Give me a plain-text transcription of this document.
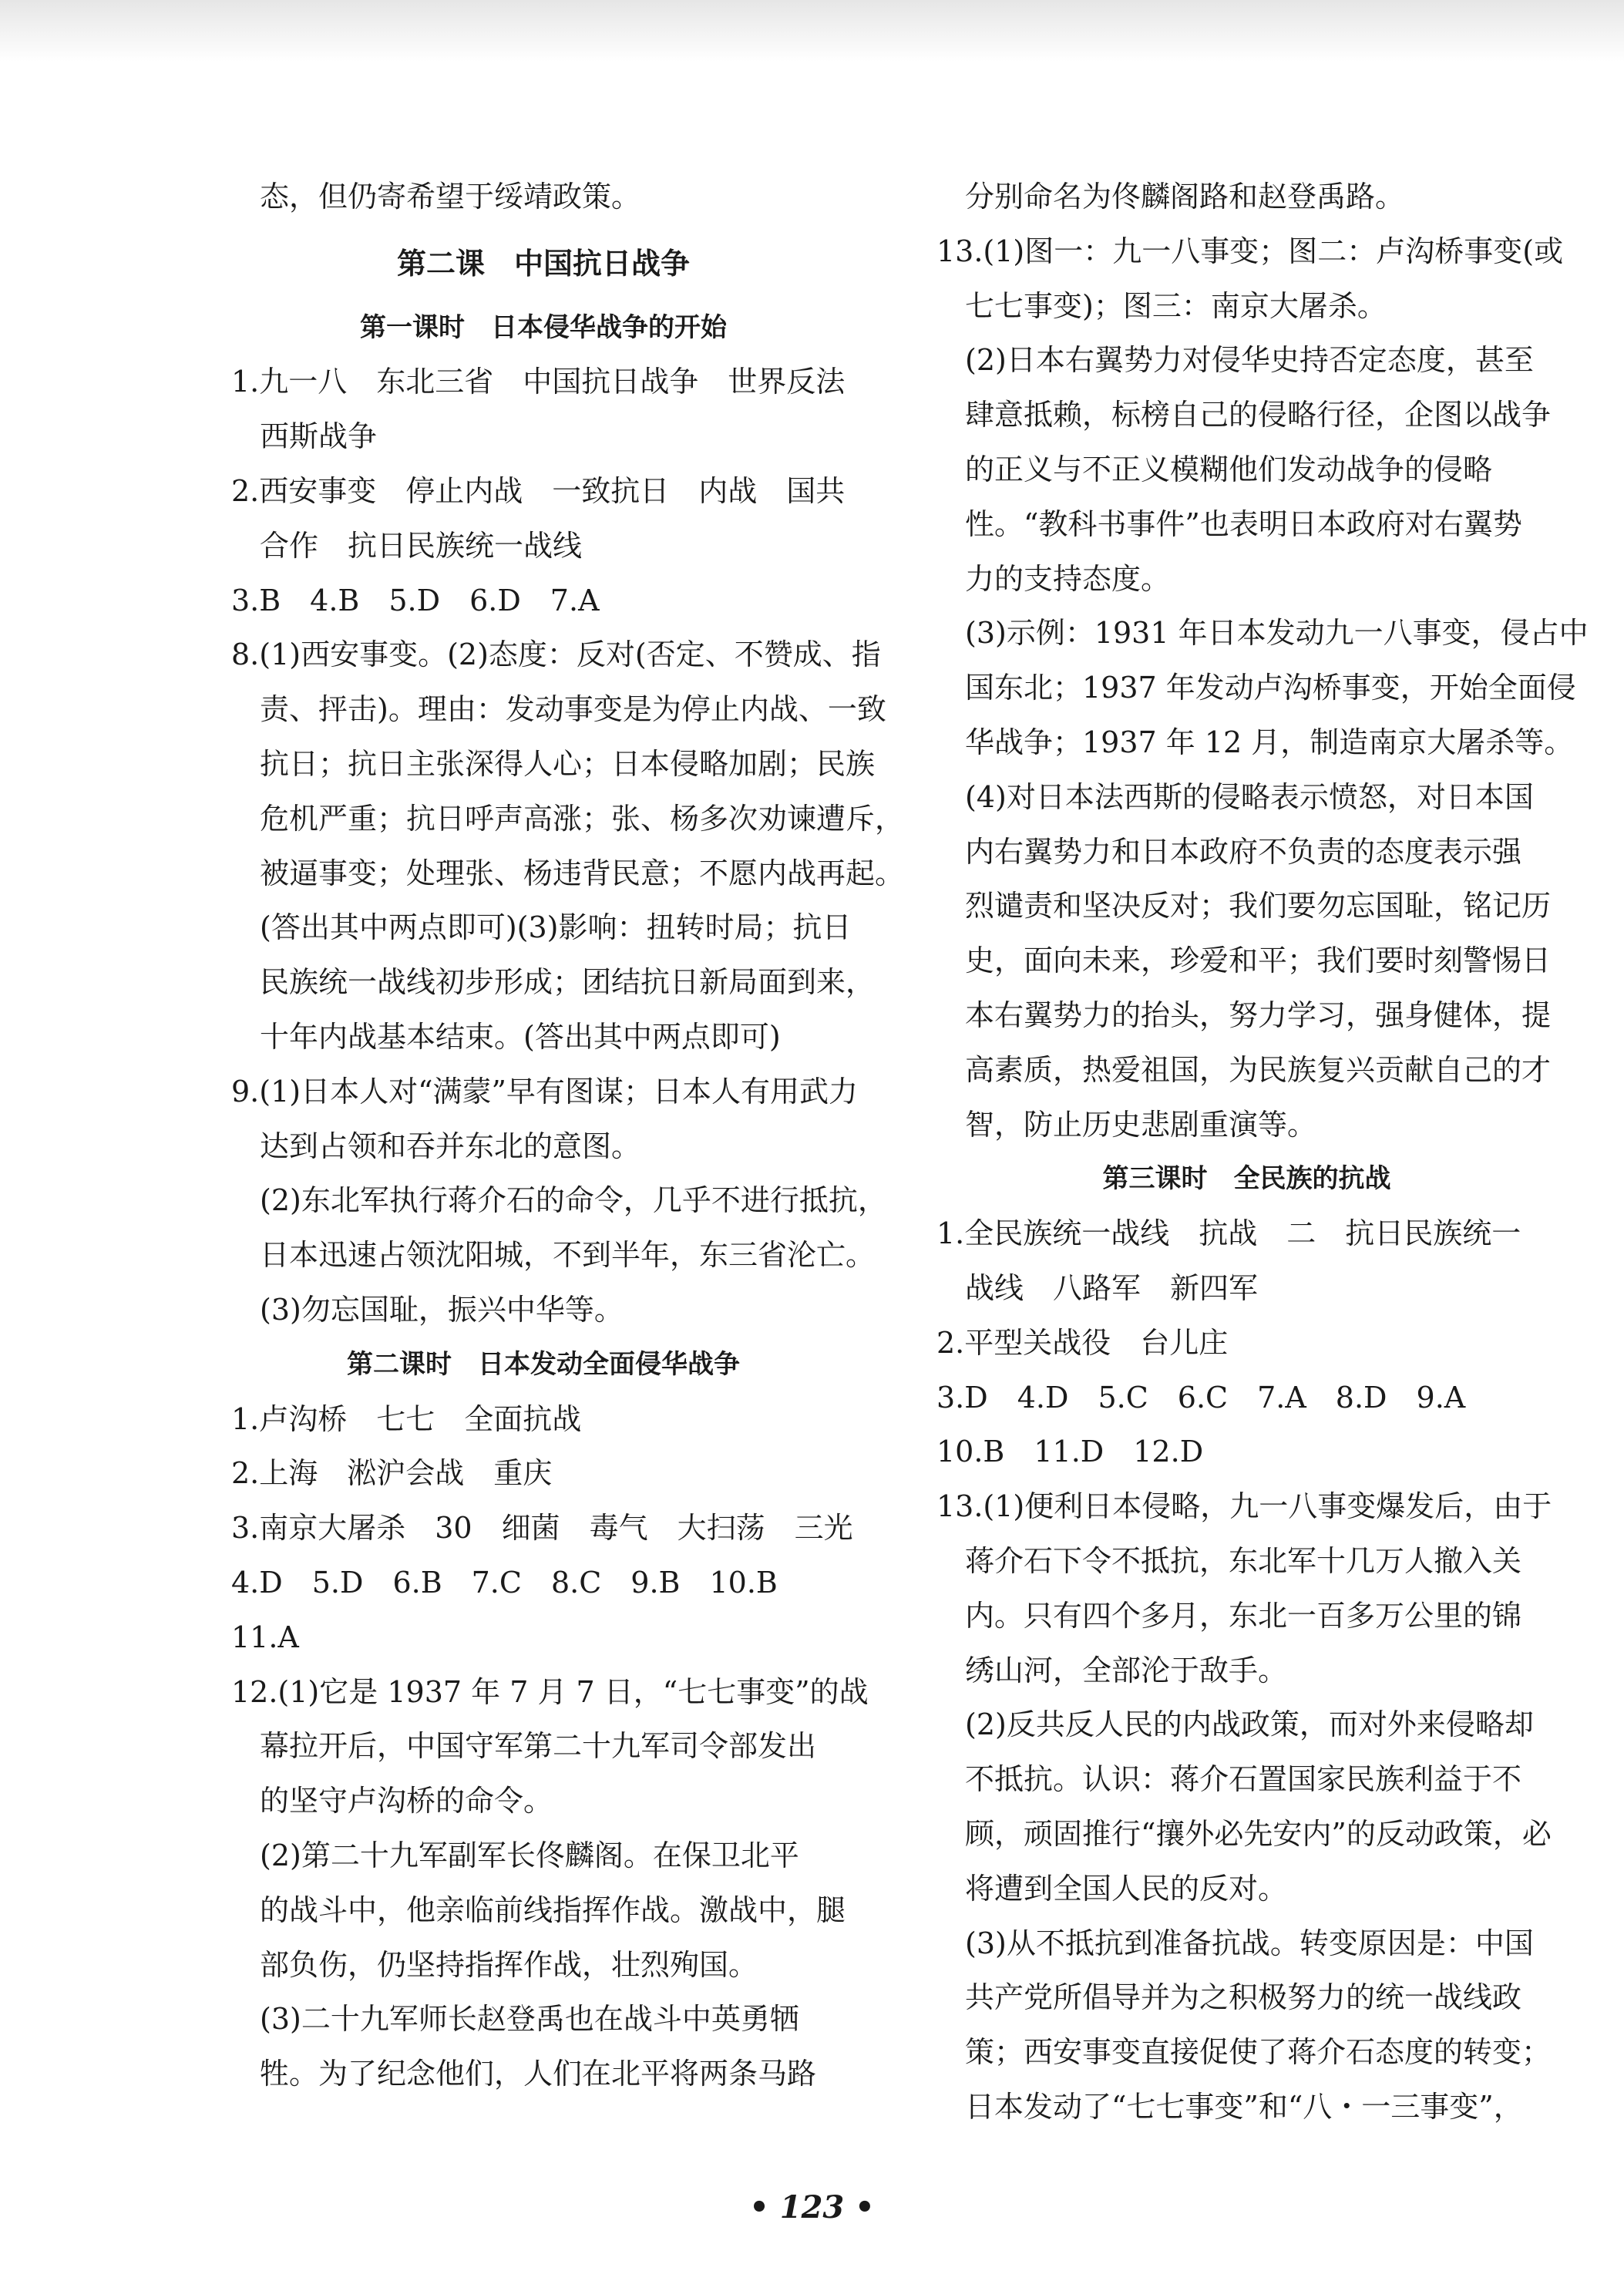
态，但仍寄希望于绥靖政策。
第二课　中国抗日战争
第一课时　日本侵华战争的开始
1.九一八　东北三省　中国抗日战争　世界反法
西斯战争
2.西安事变　停止内战　一致抗日　内战　国共
合作　抗日民族统一战线
3.B　4.B　5.D　6.D　7.A
8.(1)西安事变。(2)态度：反对(否定、不赞成、指
责、抨击)。理由：发动事变是为停止内战、一致
抗日；抗日主张深得人心；日本侵略加剧；民族
危机严重；抗日呼声高涨；张、杨多次劝谏遭斥，
被逼事变；处理张、杨违背民意；不愿内战再起。
(答出其中两点即可)(3)影响：扭转时局；抗日
民族统一战线初步形成；团结抗日新局面到来，
十年内战基本结束。(答出其中两点即可)
9.(1)日本人对“满蒙”早有图谋；日本人有用武力
达到占领和吞并东北的意图。
(2)东北军执行蒋介石的命令，几乎不进行抵抗，
日本迅速占领沈阳城，不到半年，东三省沦亡。
(3)勿忘国耻，振兴中华等。
第二课时　日本发动全面侵华战争
1.卢沟桥　七七　全面抗战
2.上海　淞沪会战　重庆
3.南京大屠杀　30　细菌　毒气　大扫荡　三光
4.D　5.D　6.B　7.C　8.C　9.B　10.B
11.A
12.(1)它是 1937 年 7 月 7 日，“七七事变”的战
幕拉开后，中国守军第二十九军司令部发出
的坚守卢沟桥的命令。
(2)第二十九军副军长佟麟阁。在保卫北平
的战斗中，他亲临前线指挥作战。激战中，腿
部负伤，仍坚持指挥作战，壮烈殉国。
(3)二十九军师长赵登禹也在战斗中英勇牺
牲。为了纪念他们，人们在北平将两条马路
分别命名为佟麟阁路和赵登禹路。
13.(1)图一：九一八事变；图二：卢沟桥事变(或
七七事变)；图三：南京大屠杀。
(2)日本右翼势力对侵华史持否定态度，甚至
肆意抵赖，标榜自己的侵略行径，企图以战争
的正义与不正义模糊他们发动战争的侵略
性。“教科书事件”也表明日本政府对右翼势
力的支持态度。
(3)示例：1931 年日本发动九一八事变，侵占中
国东北；1937 年发动卢沟桥事变，开始全面侵
华战争；1937 年 12 月，制造南京大屠杀等。
(4)对日本法西斯的侵略表示愤怒，对日本国
内右翼势力和日本政府不负责的态度表示强
烈谴责和坚决反对；我们要勿忘国耻，铭记历
史，面向未来，珍爱和平；我们要时刻警惕日
本右翼势力的抬头，努力学习，强身健体，提
高素质，热爱祖国，为民族复兴贡献自己的才
智，防止历史悲剧重演等。
第三课时　全民族的抗战
1.全民族统一战线　抗战　二　抗日民族统一
战线　八路军　新四军
2.平型关战役　台儿庄
3.D　4.D　5.C　6.C　7.A　8.D　9.A
10.B　11.D　12.D
13.(1)便利日本侵略，九一八事变爆发后，由于
蒋介石下令不抵抗，东北军十几万人撤入关
内。只有四个多月，东北一百多万公里的锦
绣山河，全部沦于敌手。
(2)反共反人民的内战政策，而对外来侵略却
不抵抗。认识：蒋介石置国家民族利益于不
顾，顽固推行“攘外必先安内”的反动政策，必
将遭到全国人民的反对。
(3)从不抵抗到准备抗战。转变原因是：中国
共产党所倡导并为之积极努力的统一战线政
策；西安事变直接促使了蒋介石态度的转变；
日本发动了“七七事变”和“八・一三事变”，
• 123 •
